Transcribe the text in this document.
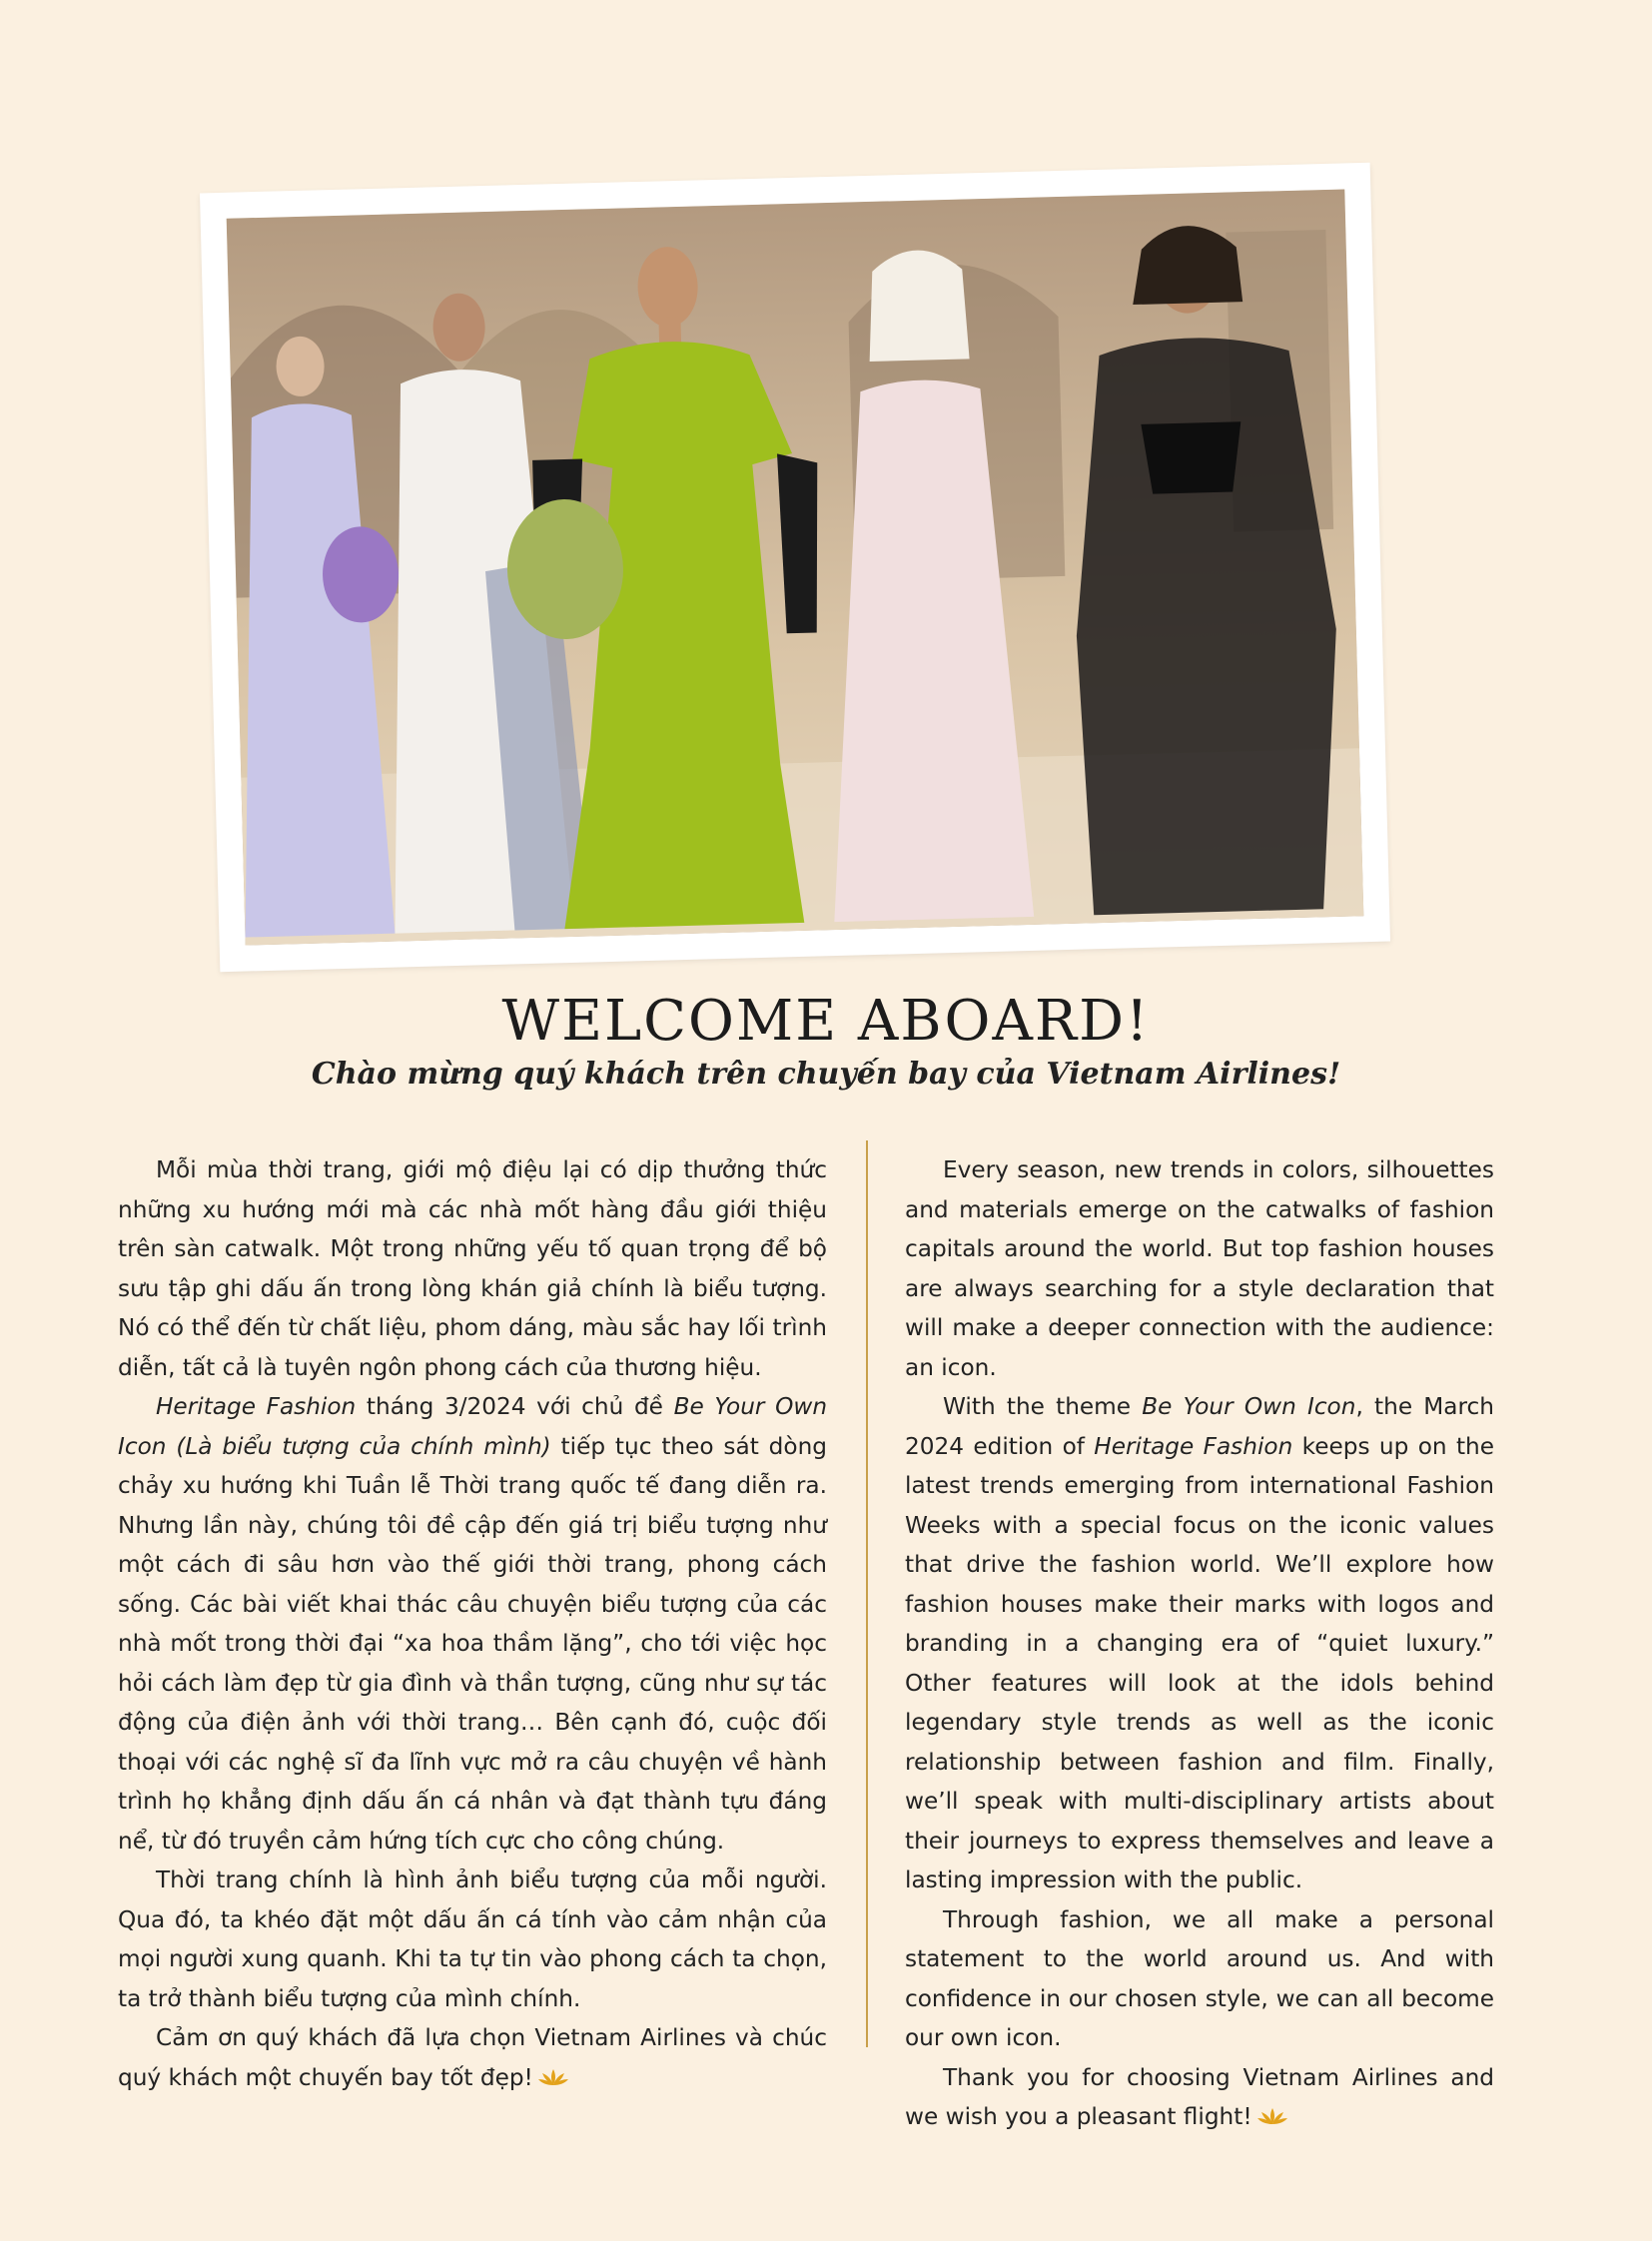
WELCOME ABOARD!
Chào mừng quý khách trên chuyến bay của Vietnam Airlines!

Mỗi mùa thời trang, giới mộ điệu lại có dịp thưởng thức những xu hướng mới mà các nhà mốt hàng đầu giới thiệu trên sàn catwalk. Một trong những yếu tố quan trọng để bộ sưu tập ghi dấu ấn trong lòng khán giả chính là biểu tượng. Nó có thể đến từ chất liệu, phom dáng, màu sắc hay lối trình diễn, tất cả là tuyên ngôn phong cách của thương hiệu.

Heritage Fashion tháng 3/2024 với chủ đề Be Your Own Icon (Là biểu tượng của chính mình) tiếp tục theo sát dòng chảy xu hướng khi Tuần lễ Thời trang quốc tế đang diễn ra. Nhưng lần này, chúng tôi đề cập đến giá trị biểu tượng như một cách đi sâu hơn vào thế giới thời trang, phong cách sống. Các bài viết khai thác câu chuyện biểu tượng của các nhà mốt trong thời đại “xa hoa thầm lặng”, cho tới việc học hỏi cách làm đẹp từ gia đình và thần tượng, cũng như sự tác động của điện ảnh với thời trang… Bên cạnh đó, cuộc đối thoại với các nghệ sĩ đa lĩnh vực mở ra câu chuyện về hành trình họ khẳng định dấu ấn cá nhân và đạt thành tựu đáng nể, từ đó truyền cảm hứng tích cực cho công chúng.

Thời trang chính là hình ảnh biểu tượng của mỗi người. Qua đó, ta khéo đặt một dấu ấn cá tính vào cảm nhận của mọi người xung quanh. Khi ta tự tin vào phong cách ta chọn, ta trở thành biểu tượng của mình chính.

Cảm ơn quý khách đã lựa chọn Vietnam Airlines và chúc quý khách một chuyến bay tốt đẹp!

Every season, new trends in colors, silhouettes and materials emerge on the catwalks of fashion capitals around the world. But top fashion houses are always searching for a style declaration that will make a deeper connection with the audience: an icon.

With the theme Be Your Own Icon, the March 2024 edition of Heritage Fashion keeps up on the latest trends emerging from international Fashion Weeks with a special focus on the iconic values that drive the fashion world. We’ll explore how fashion houses make their marks with logos and branding in a changing era of “quiet luxury.” Other features will look at the idols behind legendary style trends as well as the iconic relationship between fashion and film. Finally, we’ll speak with multi-disciplinary artists about their journeys to express themselves and leave a lasting impression with the public.

Through fashion, we all make a personal statement to the world around us. And with confidence in our chosen style, we can all become our own icon.

Thank you for choosing Vietnam Airlines and we wish you a pleasant flight!
